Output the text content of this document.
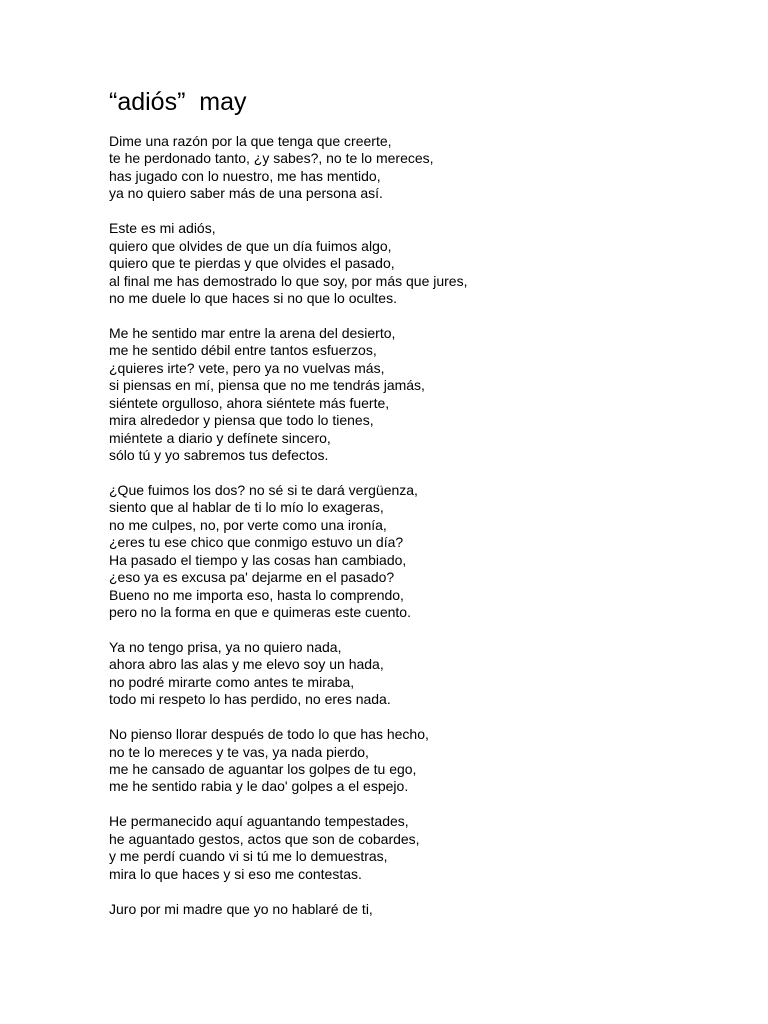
“adiós”  may
Dime una razón por la que tenga que creerte,
te he perdonado tanto, ¿y sabes?, no te lo mereces,
has jugado con lo nuestro, me has mentido,
ya no quiero saber más de una persona así.
Este es mi adiós,
quiero que olvides de que un día fuimos algo,
quiero que te pierdas y que olvides el pasado,
al final me has demostrado lo que soy, por más que jures,
no me duele lo que haces si no que lo ocultes.
Me he sentido mar entre la arena del desierto,
me he sentido débil entre tantos esfuerzos,
¿quieres irte? vete, pero ya no vuelvas más,
si piensas en mí, piensa que no me tendrás jamás,
siéntete orgulloso, ahora siéntete más fuerte,
mira alrededor y piensa que todo lo tienes,
miéntete a diario y defínete sincero,
sólo tú y yo sabremos tus defectos.
¿Que fuimos los dos? no sé si te dará vergüenza,
siento que al hablar de ti lo mío lo exageras,
no me culpes, no, por verte como una ironía,
¿eres tu ese chico que conmigo estuvo un día?
Ha pasado el tiempo y las cosas han cambiado,
¿eso ya es excusa pa' dejarme en el pasado?
Bueno no me importa eso, hasta lo comprendo,
pero no la forma en que e quimeras este cuento.
Ya no tengo prisa, ya no quiero nada,
ahora abro las alas y me elevo soy un hada,
no podré mirarte como antes te miraba,
todo mi respeto lo has perdido, no eres nada.
No pienso llorar después de todo lo que has hecho,
no te lo mereces y te vas, ya nada pierdo,
me he cansado de aguantar los golpes de tu ego,
me he sentido rabia y le dao' golpes a el espejo.
He permanecido aquí aguantando tempestades,
he aguantado gestos, actos que son de cobardes,
y me perdí cuando vi si tú me lo demuestras,
mira lo que haces y si eso me contestas.
Juro por mi madre que yo no hablaré de ti,
